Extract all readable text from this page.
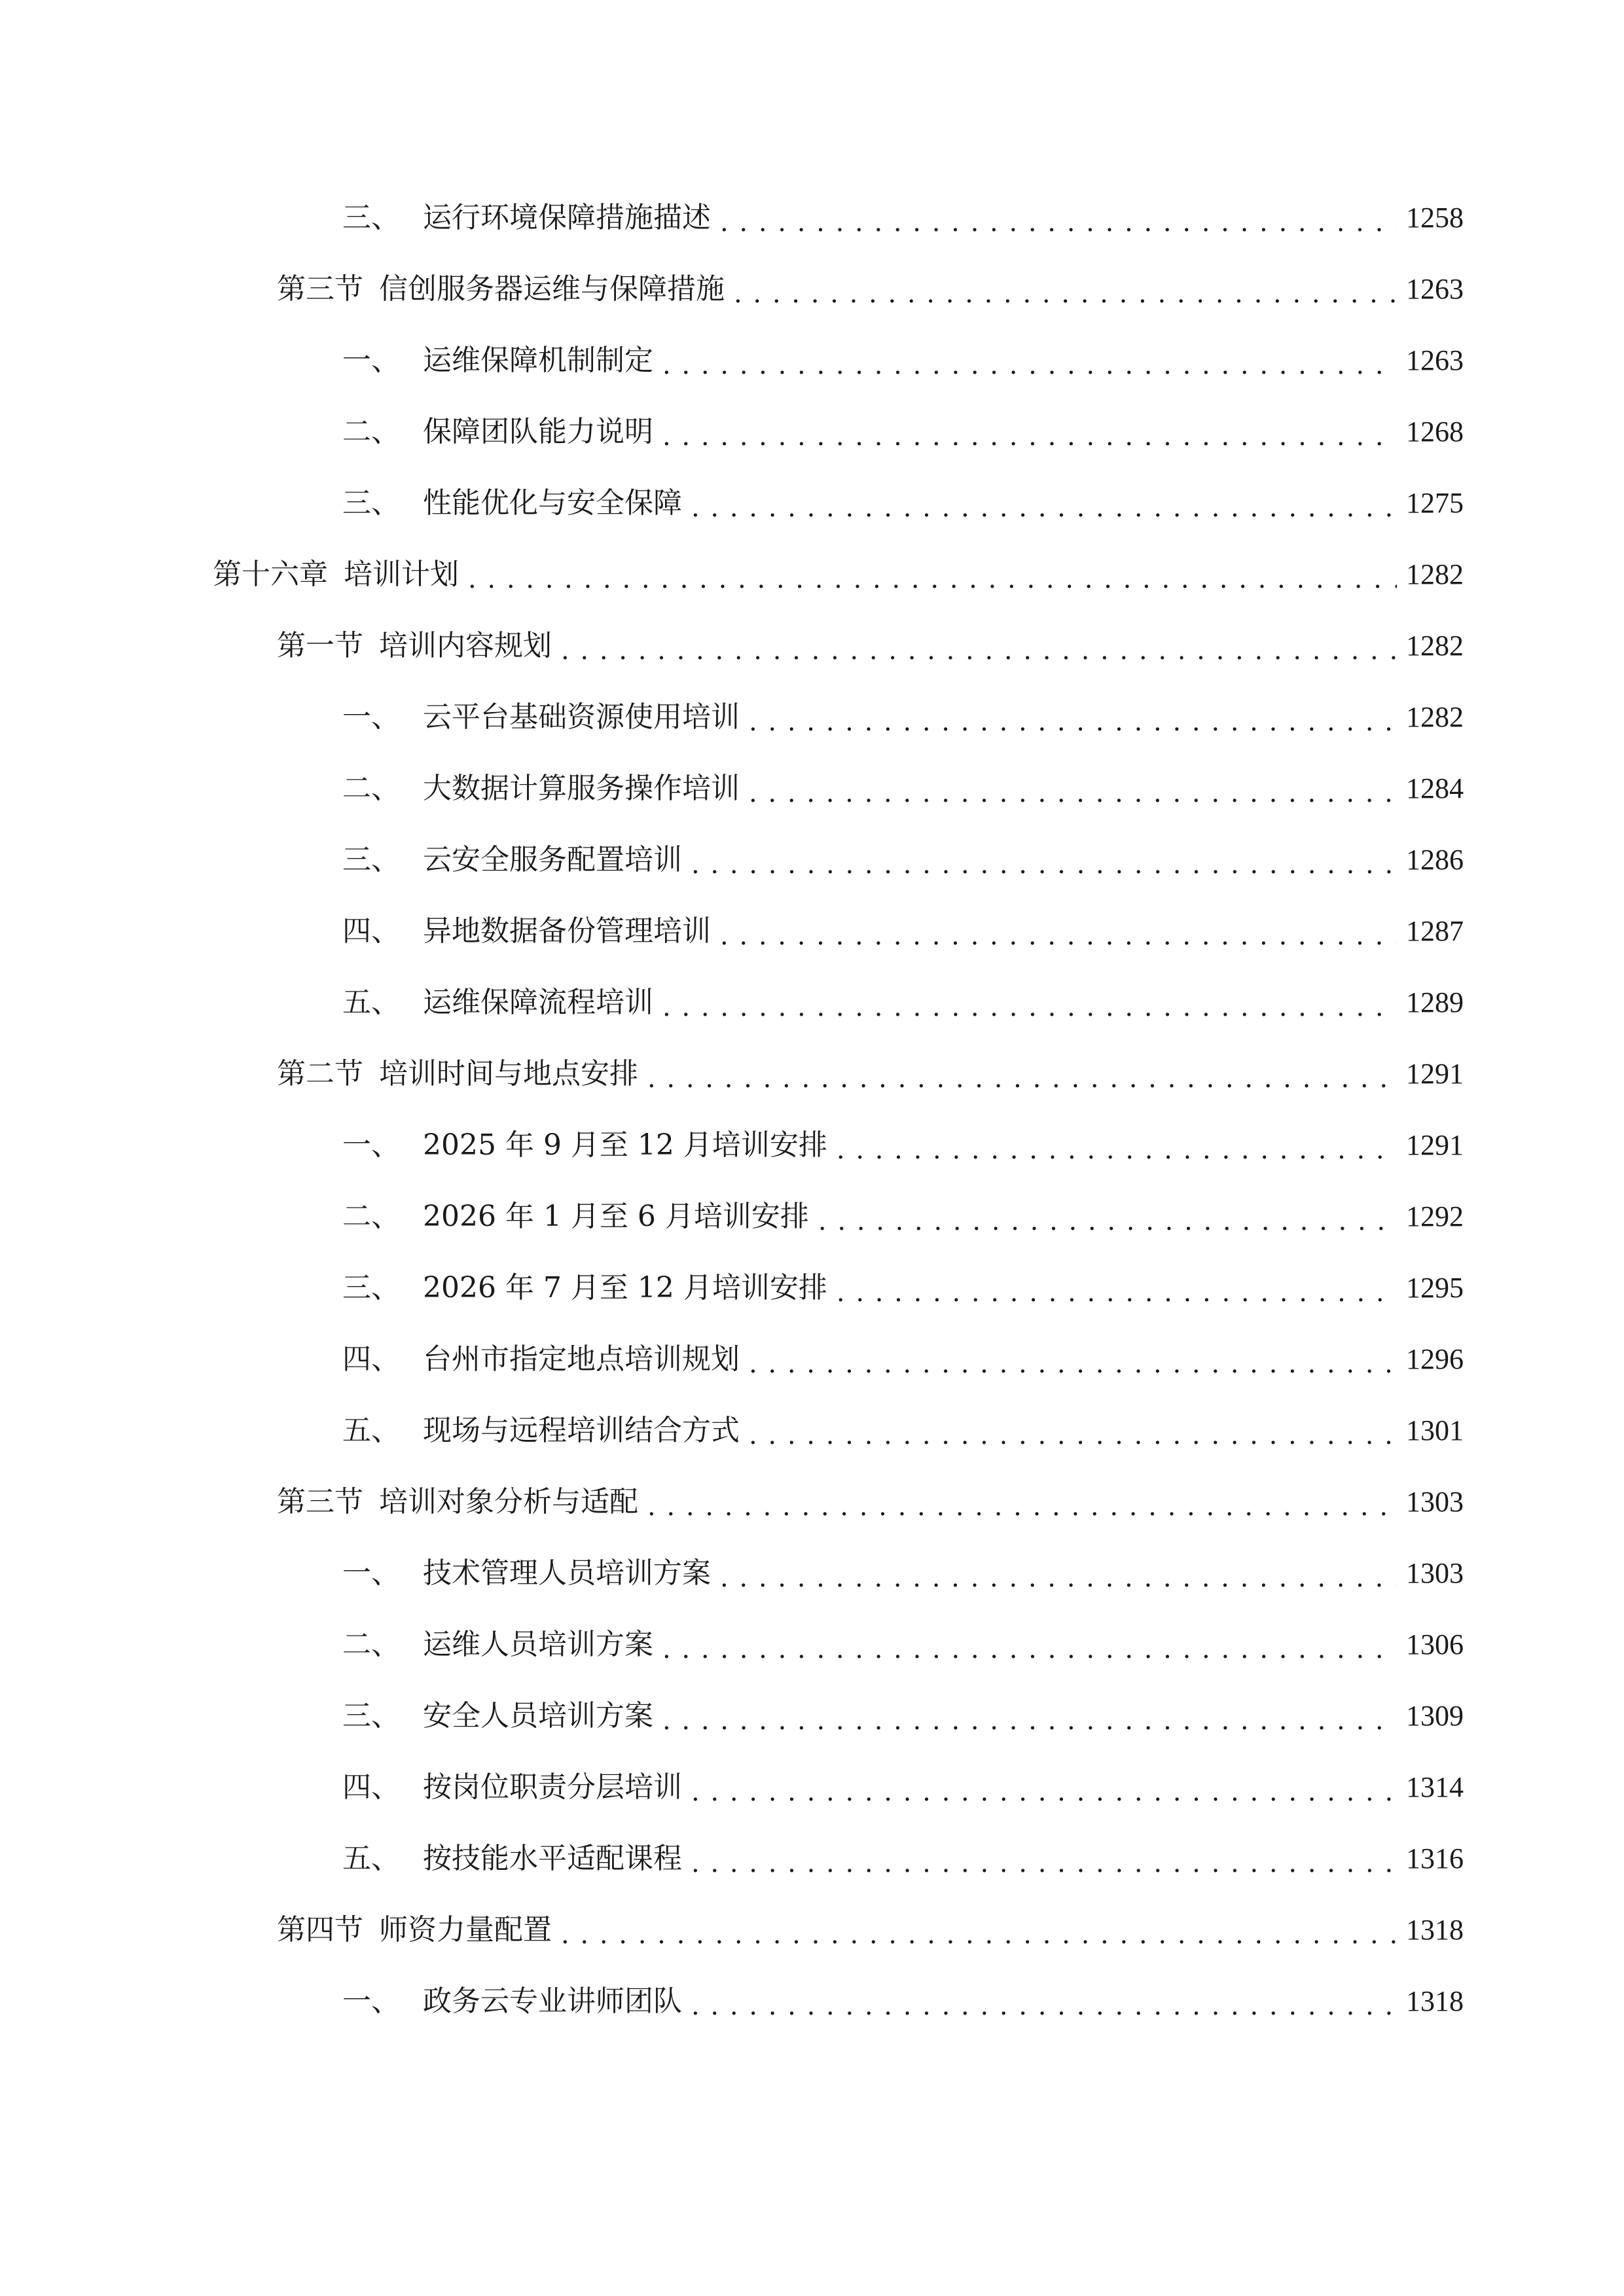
三、 运行环境保障措施描述 . . .	1258
第三节 信创服务器运维与保障措施 . . .	1263
一、 运维保障机制制定 . . .	1263
二、 保障团队能力说明 . . .	1268
三、 性能优化与安全保障 . . .	1275
第十六章 培训计划 . . .	1282
第一节 培训内容规划 . . .	1282
一、 云平台基础资源使用培训 . . .	1282
二、 大数据计算服务操作培训 . . .	1284
三、 云安全服务配置培训 . . .	1286
四、 异地数据备份管理培训 . . .	1287
五、 运维保障流程培训 . . .	1289
第二节 培训时间与地点安排 . . .	1291
一、 2025 年 9 月至 12 月培训安排 . . .	1291
二、 2026 年 1 月至 6 月培训安排 . . .	1292
三、 2026 年 7 月至 12 月培训安排 . . .	1295
四、 台州市指定地点培训规划 . . .	1296
五、 现场与远程培训结合方式 . . .	1301
第三节 培训对象分析与适配 . . .	1303
一、 技术管理人员培训方案 . . .	1303
二、 运维人员培训方案 . . .	1306
三、 安全人员培训方案 . . .	1309
四、 按岗位职责分层培训 . . .	1314
五、 按技能水平适配课程 . . .	1316
第四节 师资力量配置 . . .	1318
一、 政务云专业讲师团队 . . .	1318
